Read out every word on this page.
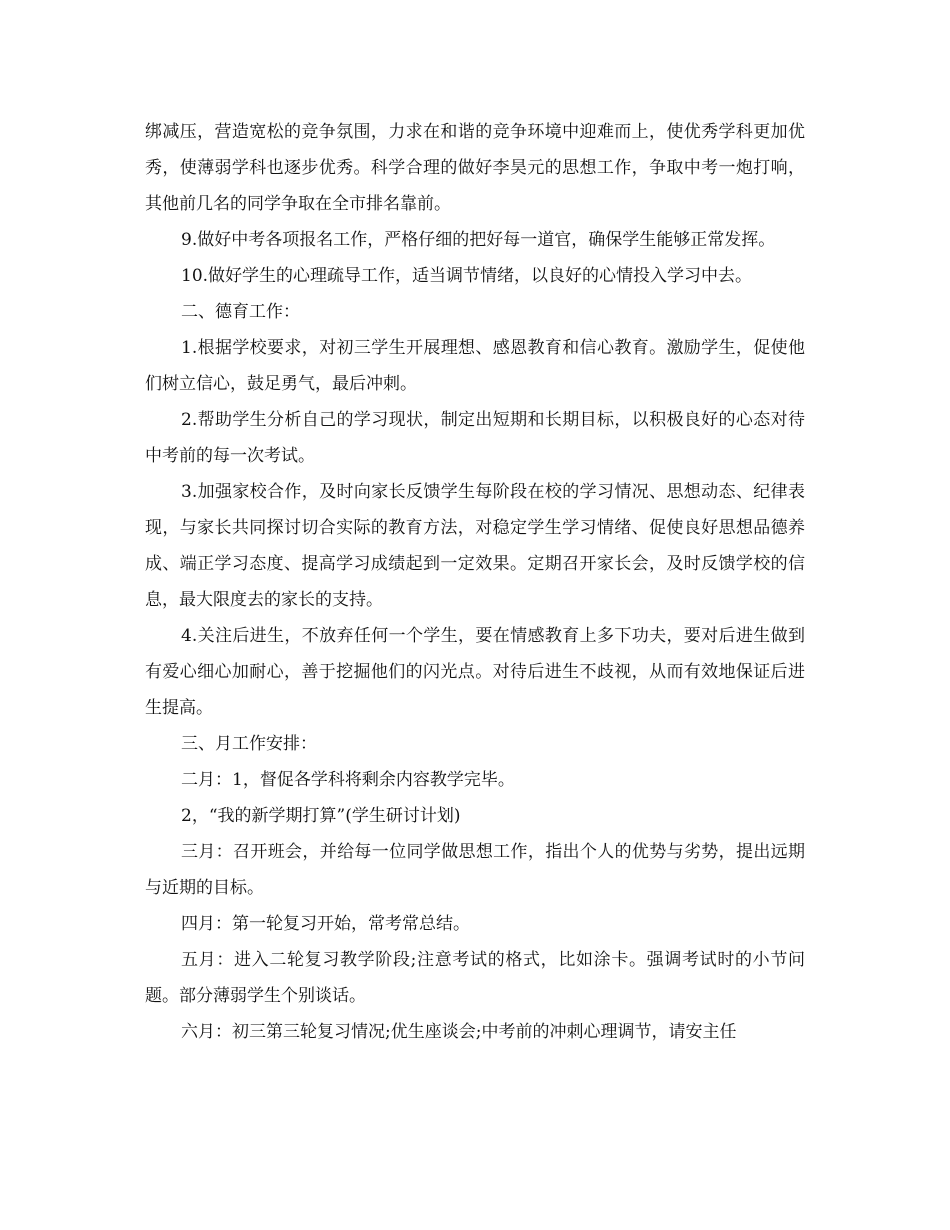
绑减压，营造宽松的竞争氛围，力求在和谐的竞争环境中迎难而上，使优秀学科更加优秀，使薄弱学科也逐步优秀。科学合理的做好李昊元的思想工作，争取中考一炮打响，其他前几名的同学争取在全市排名靠前。

9.做好中考各项报名工作，严格仔细的把好每一道官，确保学生能够正常发挥。

10.做好学生的心理疏导工作，适当调节情绪，以良好的心情投入学习中去。

二、德育工作：

1.根据学校要求，对初三学生开展理想、感恩教育和信心教育。激励学生，促使他们树立信心，鼓足勇气，最后冲刺。

2.帮助学生分析自己的学习现状，制定出短期和长期目标，以积极良好的心态对待中考前的每一次考试。

3.加强家校合作，及时向家长反馈学生每阶段在校的学习情况、思想动态、纪律表现，与家长共同探讨切合实际的教育方法，对稳定学生学习情绪、促使良好思想品德养成、端正学习态度、提高学习成绩起到一定效果。定期召开家长会，及时反馈学校的信息，最大限度去的家长的支持。

4.关注后进生，不放弃任何一个学生，要在情感教育上多下功夫，要对后进生做到有爱心细心加耐心，善于挖掘他们的闪光点。对待后进生不歧视，从而有效地保证后进生提高。

三、月工作安排：

二月：1，督促各学科将剩余内容教学完毕。

2，“我的新学期打算”(学生研讨计划)

三月：召开班会，并给每一位同学做思想工作，指出个人的优势与劣势，提出远期与近期的目标。

四月：第一轮复习开始，常考常总结。

五月：进入二轮复习教学阶段;注意考试的格式，比如涂卡。强调考试时的小节问题。部分薄弱学生个别谈话。

六月：初三第三轮复习情况;优生座谈会;中考前的冲刺心理调节，请安主任
